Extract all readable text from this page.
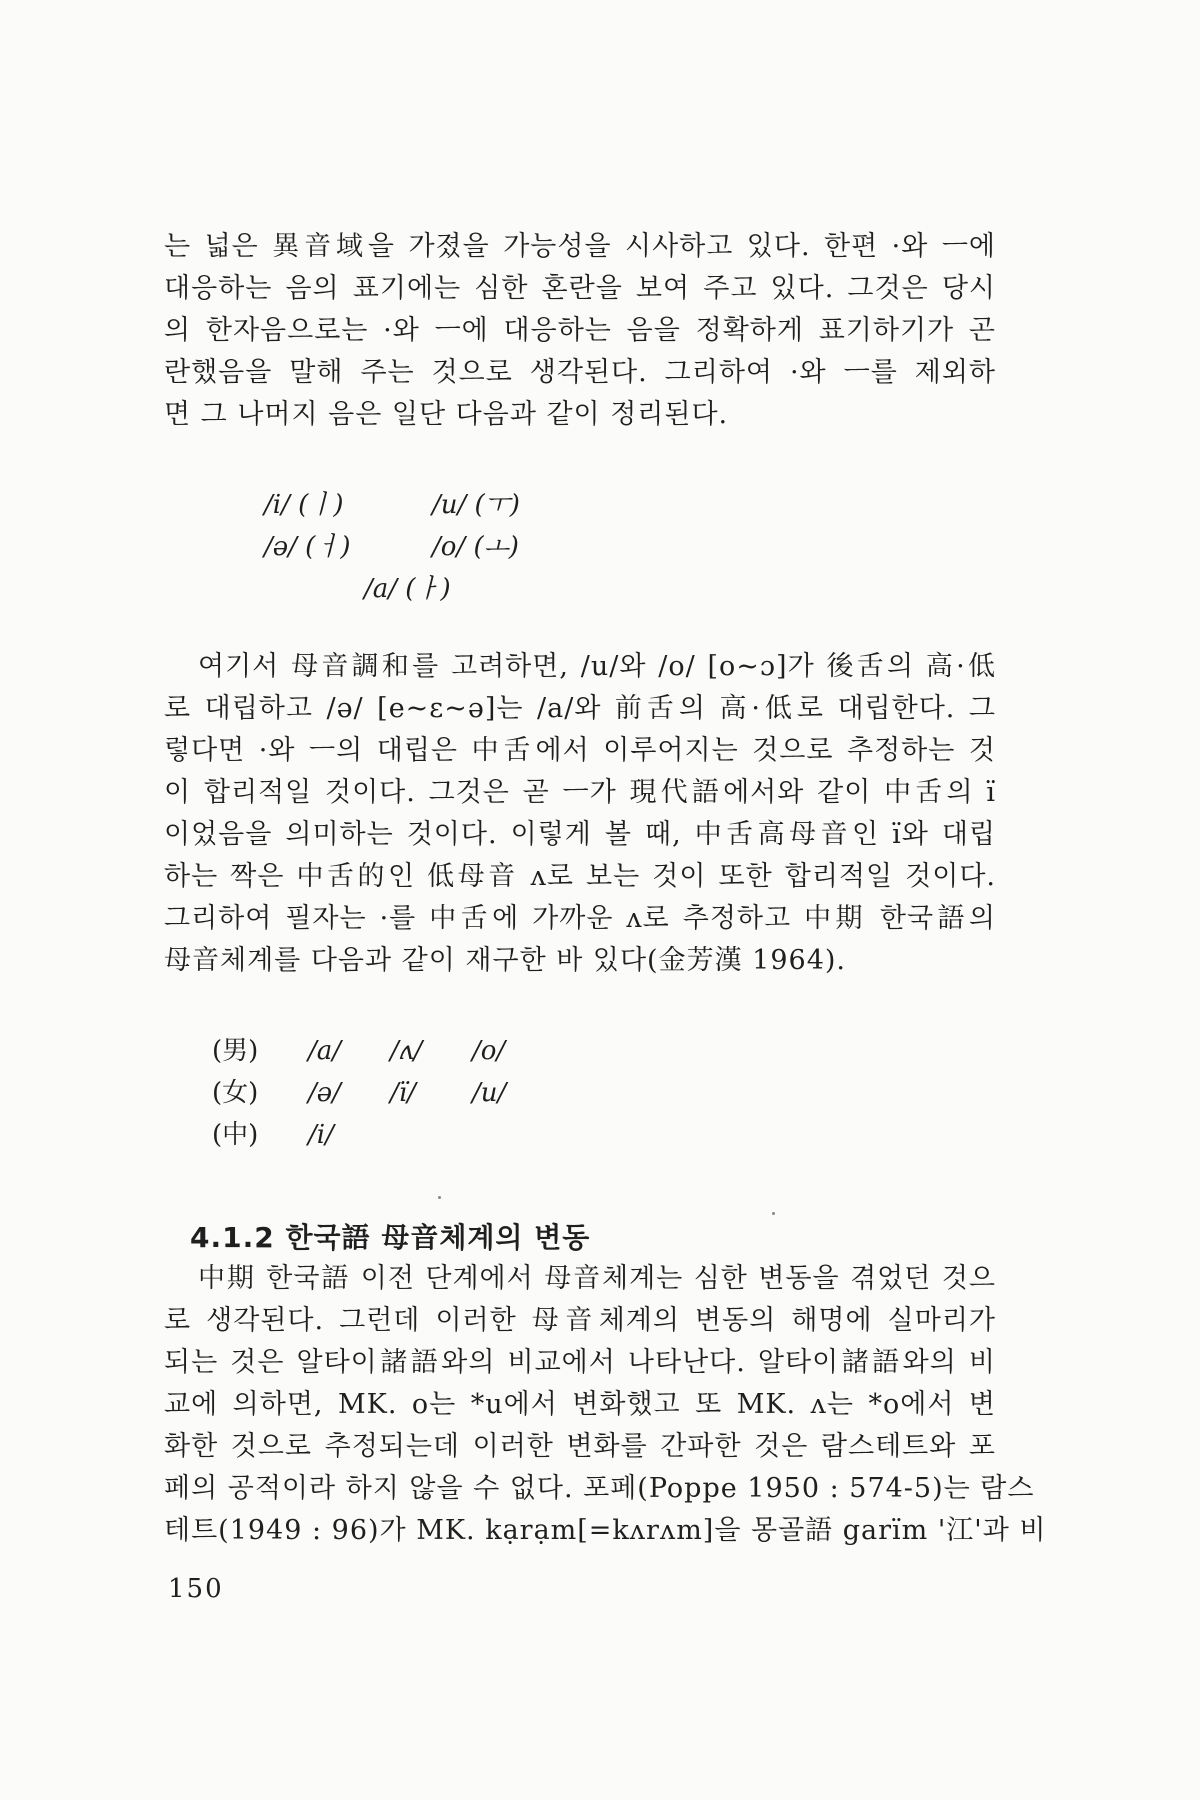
는 넓은 異音域을 가졌을 가능성을 시사하고 있다. 한편 ·와 ㅡ에
대응하는 음의 표기에는 심한 혼란을 보여 주고 있다. 그것은 당시
의 한자음으로는 ·와 ㅡ에 대응하는 음을 정확하게 표기하기가 곤
란했음을 말해 주는 것으로 생각된다. 그리하여 ·와 ㅡ를 제외하
면 그 나머지 음은 일단 다음과 같이 정리된다.
/i/ (ㅣ)	/u/ (ㅜ)
/ə/ (ㅓ)	/o/ (ㅗ)
/a/ (ㅏ)
여기서 母音調和를 고려하면, /u/와 /o/ [o~ɔ]가 後舌의 高·低
로 대립하고 /ə/ [e~ɛ~ə]는 /a/와 前舌의 高·低로 대립한다. 그
렇다면 ·와 ㅡ의 대립은 中舌에서 이루어지는 것으로 추정하는 것
이 합리적일 것이다. 그것은 곧 ㅡ가 現代語에서와 같이 中舌의 ï
이었음을 의미하는 것이다. 이렇게 볼 때, 中舌高母音인 ï와 대립
하는 짝은 中舌的인 低母音 ʌ로 보는 것이 또한 합리적일 것이다.
그리하여 필자는 ·를 中舌에 가까운 ʌ로 추정하고 中期 한국語의
母音체계를 다음과 같이 재구한 바 있다(金芳漢 1964).
(男) /a/ /ʌ/ /o/
(女) /ə/ /ï/ /u/
(中) /i/
4.1.2 한국語 母音체계의 변동
中期 한국語 이전 단계에서 母音체계는 심한 변동을 겪었던 것으
로 생각된다. 그런데 이러한 母音체계의 변동의 해명에 실마리가
되는 것은 알타이諸語와의 비교에서 나타난다. 알타이諸語와의 비
교에 의하면, MK. o는 *u에서 변화했고 또 MK. ʌ는 *o에서 변
화한 것으로 추정되는데 이러한 변화를 간파한 것은 람스테트와 포
페의 공적이라 하지 않을 수 없다. 포페(Poppe 1950 : 574-5)는 람스
테트(1949 : 96)가 MK. kạrạm[=kʌrʌm]을 몽골語 garïm '江'과 비
150
